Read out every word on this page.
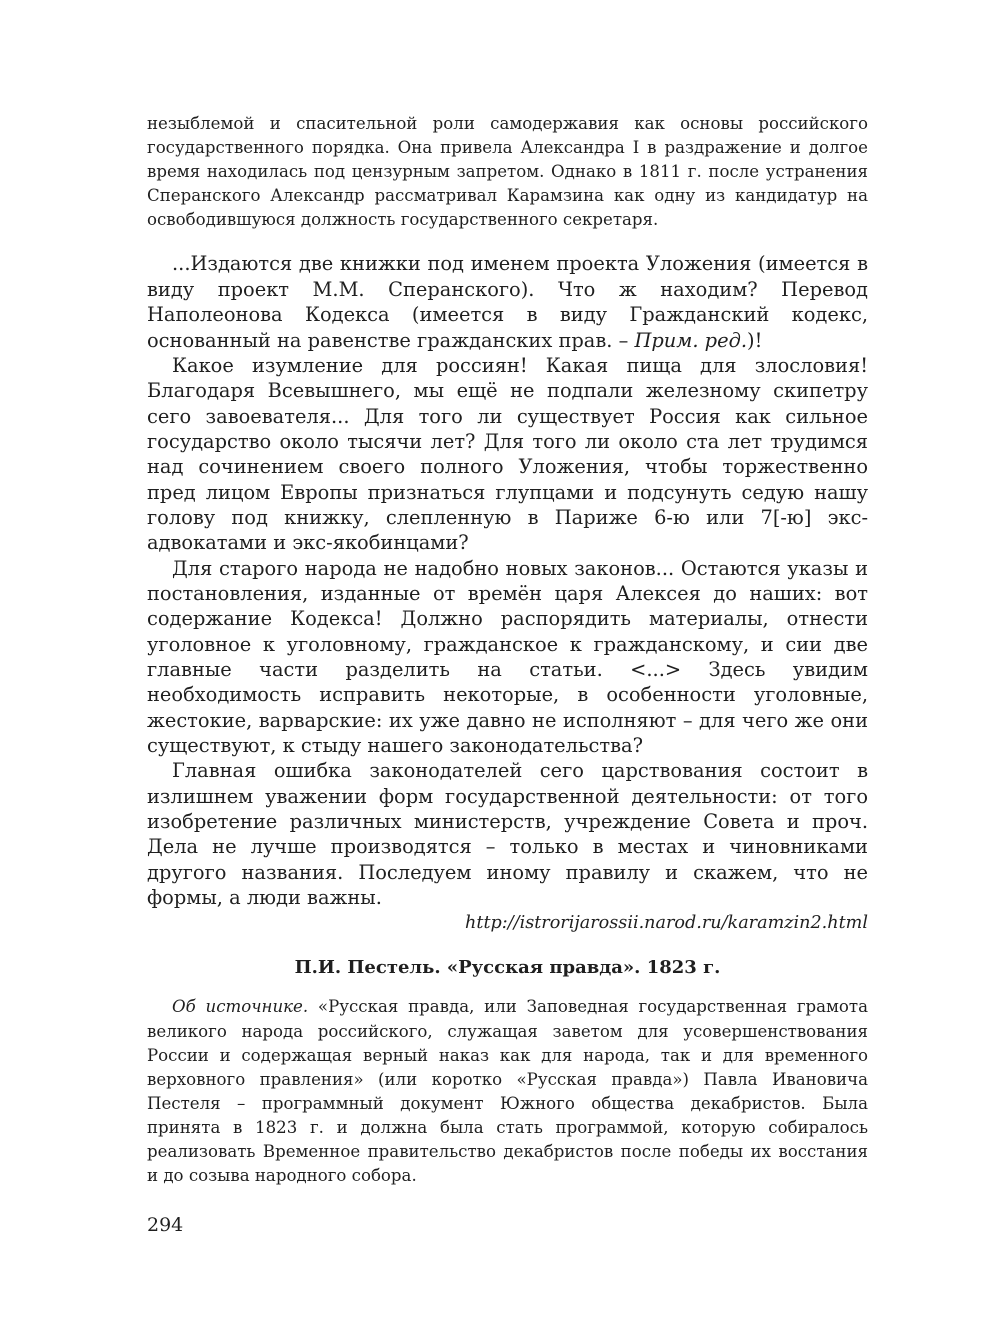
незыблемой и спасительной роли самодержавия как основы российского государственного порядка. Она привела Александра I в раздражение и долгое время находилась под цензурным запретом. Однако в 1811 г. после устранения Сперанского Александр рассматривал Карамзина как одну из кандидатур на освободившуюся должность государственного секретаря.

...Издаются две книжки под именем проекта Уложения (имеется в виду проект М.М. Сперанского). Что ж находим? Перевод Наполеонова Кодекса (имеется в виду Гражданский кодекс, основанный на равенстве гражданских прав. – Прим. ред.)!

Какое изумление для россиян! Какая пища для злословия! Благодаря Всевышнего, мы ещё не подпали железному скипетру сего завоевателя... Для того ли существует Россия как сильное государство около тысячи лет? Для того ли около ста лет трудимся над сочинением своего полного Уложения, чтобы торжественно пред лицом Европы признаться глупцами и подсунуть седую нашу голову под книжку, слепленную в Париже 6-ю или 7[-ю] экс-адвокатами и экс-якобинцами?

Для старого народа не надобно новых законов... Остаются указы и постановления, изданные от времён царя Алексея до наших: вот содержание Кодекса! Должно распорядить материалы, отнести уголовное к уголовному, гражданское к гражданскому, и сии две главные части разделить на статьи. <...> Здесь увидим необходимость исправить некоторые, в особенности уголовные, жестокие, варварские: их уже давно не исполняют – для чего же они существуют, к стыду нашего законодательства?

Главная ошибка законодателей сего царствования состоит в излишнем уважении форм государственной деятельности: от того изобретение различных министерств, учреждение Совета и проч. Дела не лучше производятся – только в местах и чиновниками другого названия. Последуем иному правилу и скажем, что не формы, а люди важны.

http://istrorijarossii.narod.ru/karamzin2.html

П.И. Пестель. «Русская правда». 1823 г.

Об источнике. «Русская правда, или Заповедная государственная грамота великого народа российского, служащая заветом для усовершенствования России и содержащая верный наказ как для народа, так и для временного верховного правления» (или коротко «Русская правда») Павла Ивановича Пестеля – программный документ Южного общества декабристов. Была принята в 1823 г. и должна была стать программой, которую собиралось реализовать Временное правительство декабристов после победы их восстания и до созыва народного собора.

294
